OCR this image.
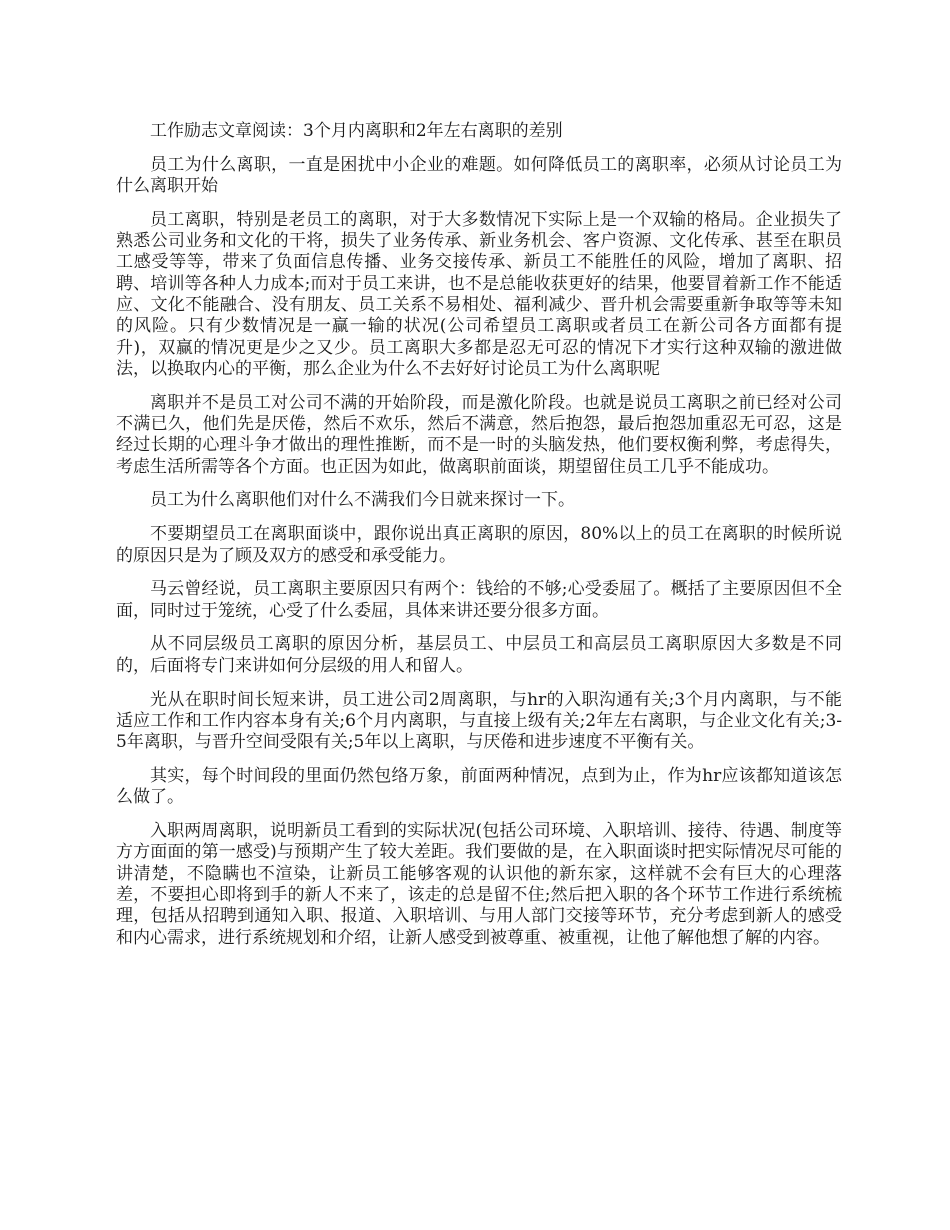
工作励志文章阅读：3个月内离职和2年左右离职的差别

员工为什么离职，一直是困扰中小企业的难题。如何降低员工的离职率，必须从讨论员工为什么离职开始

员工离职，特别是老员工的离职，对于大多数情况下实际上是一个双输的格局。企业损失了熟悉公司业务和文化的干将，损失了业务传承、新业务机会、客户资源、文化传承、甚至在职员工感受等等，带来了负面信息传播、业务交接传承、新员工不能胜任的风险，增加了离职、招聘、培训等各种人力成本;而对于员工来讲，也不是总能收获更好的结果，他要冒着新工作不能适应、文化不能融合、没有朋友、员工关系不易相处、福利减少、晋升机会需要重新争取等等未知的风险。只有少数情况是一赢一输的状况(公司希望员工离职或者员工在新公司各方面都有提升)，双赢的情况更是少之又少。员工离职大多都是忍无可忍的情况下才实行这种双输的激进做法，以换取内心的平衡，那么企业为什么不去好好讨论员工为什么离职呢

离职并不是员工对公司不满的开始阶段，而是激化阶段。也就是说员工离职之前已经对公司不满已久，他们先是厌倦，然后不欢乐，然后不满意，然后抱怨，最后抱怨加重忍无可忍，这是经过长期的心理斗争才做出的理性推断，而不是一时的头脑发热，他们要权衡利弊，考虑得失，考虑生活所需等各个方面。也正因为如此，做离职前面谈，期望留住员工几乎不能成功。

员工为什么离职他们对什么不满我们今日就来探讨一下。

不要期望员工在离职面谈中，跟你说出真正离职的原因，80%以上的员工在离职的时候所说的原因只是为了顾及双方的感受和承受能力。

马云曾经说，员工离职主要原因只有两个：钱给的不够;心受委屈了。概括了主要原因但不全面，同时过于笼统，心受了什么委屈，具体来讲还要分很多方面。

从不同层级员工离职的原因分析，基层员工、中层员工和高层员工离职原因大多数是不同的，后面将专门来讲如何分层级的用人和留人。

光从在职时间长短来讲，员工进公司2周离职，与hr的入职沟通有关;3个月内离职，与不能适应工作和工作内容本身有关;6个月内离职，与直接上级有关;2年左右离职，与企业文化有关;3-5年离职，与晋升空间受限有关;5年以上离职，与厌倦和进步速度不平衡有关。

其实，每个时间段的里面仍然包络万象，前面两种情况，点到为止，作为hr应该都知道该怎么做了。

入职两周离职，说明新员工看到的实际状况(包括公司环境、入职培训、接待、待遇、制度等方方面面的第一感受)与预期产生了较大差距。我们要做的是，在入职面谈时把实际情况尽可能的讲清楚，不隐瞒也不渲染，让新员工能够客观的认识他的新东家，这样就不会有巨大的心理落差，不要担心即将到手的新人不来了，该走的总是留不住;然后把入职的各个环节工作进行系统梳理，包括从招聘到通知入职、报道、入职培训、与用人部门交接等环节，充分考虑到新人的感受和内心需求，进行系统规划和介绍，让新人感受到被尊重、被重视，让他了解他想了解的内容。
